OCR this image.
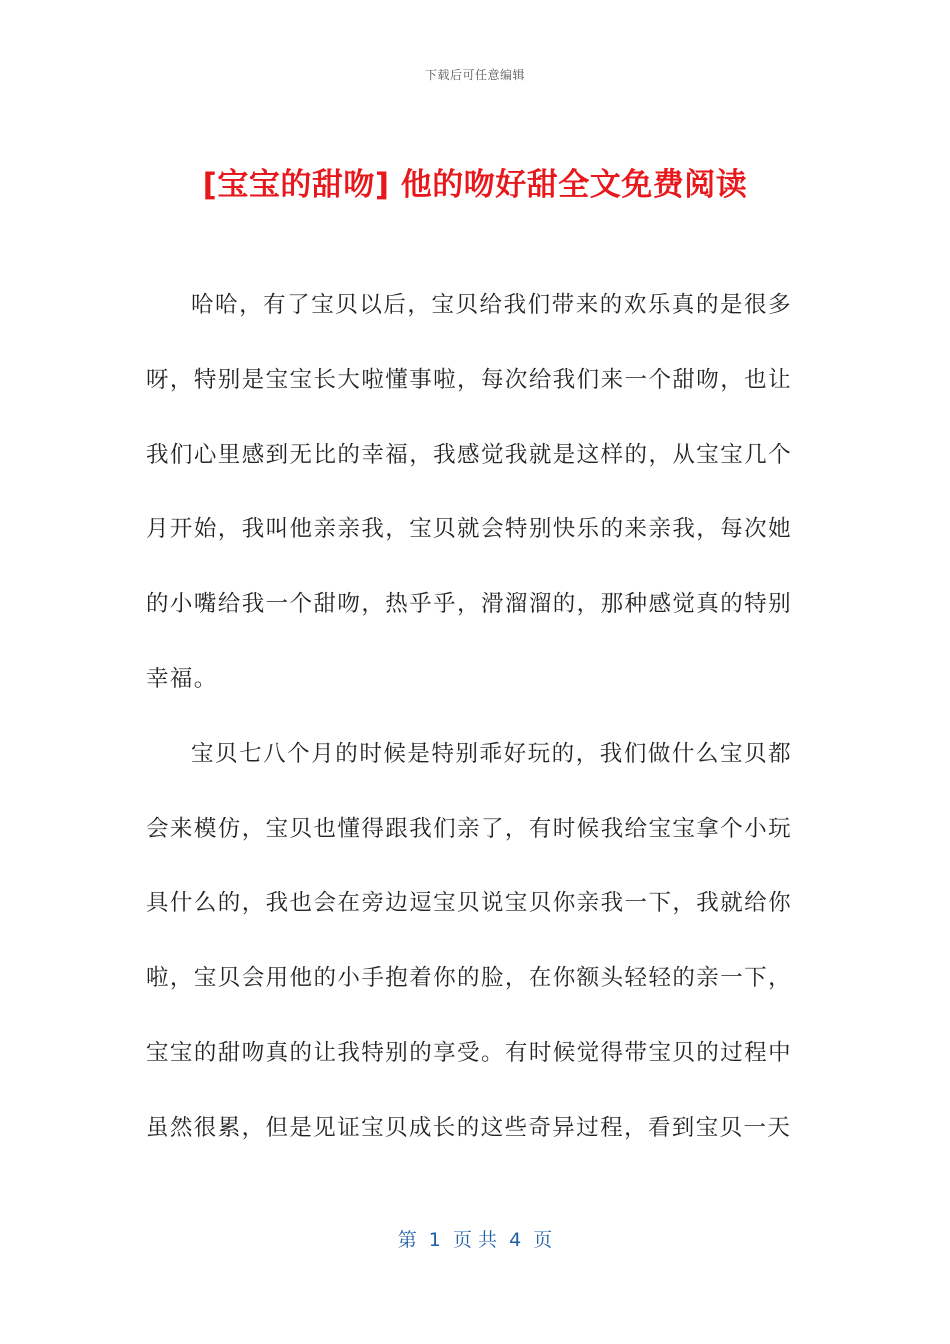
下载后可任意编辑
[宝宝的甜吻] 他的吻好甜全文免费阅读

哈哈，有了宝贝以后，宝贝给我们带来的欢乐真的是很多呀，特别是宝宝长大啦懂事啦，每次给我们来一个甜吻，也让我们心里感到无比的幸福，我感觉我就是这样的，从宝宝几个月开始，我叫他亲亲我，宝贝就会特别快乐的来亲我，每次她的小嘴给我一个甜吻，热乎乎，滑溜溜的，那种感觉真的特别幸福。

宝贝七八个月的时候是特别乖好玩的，我们做什么宝贝都会来模仿，宝贝也懂得跟我们亲了，有时候我给宝宝拿个小玩具什么的，我也会在旁边逗宝贝说宝贝你亲我一下，我就给你啦，宝贝会用他的小手抱着你的脸，在你额头轻轻的亲一下，宝宝的甜吻真的让我特别的享受。有时候觉得带宝贝的过程中虽然很累，但是见证宝贝成长的这些奇异过程，看到宝贝一天

第  1  页 共  4  页
